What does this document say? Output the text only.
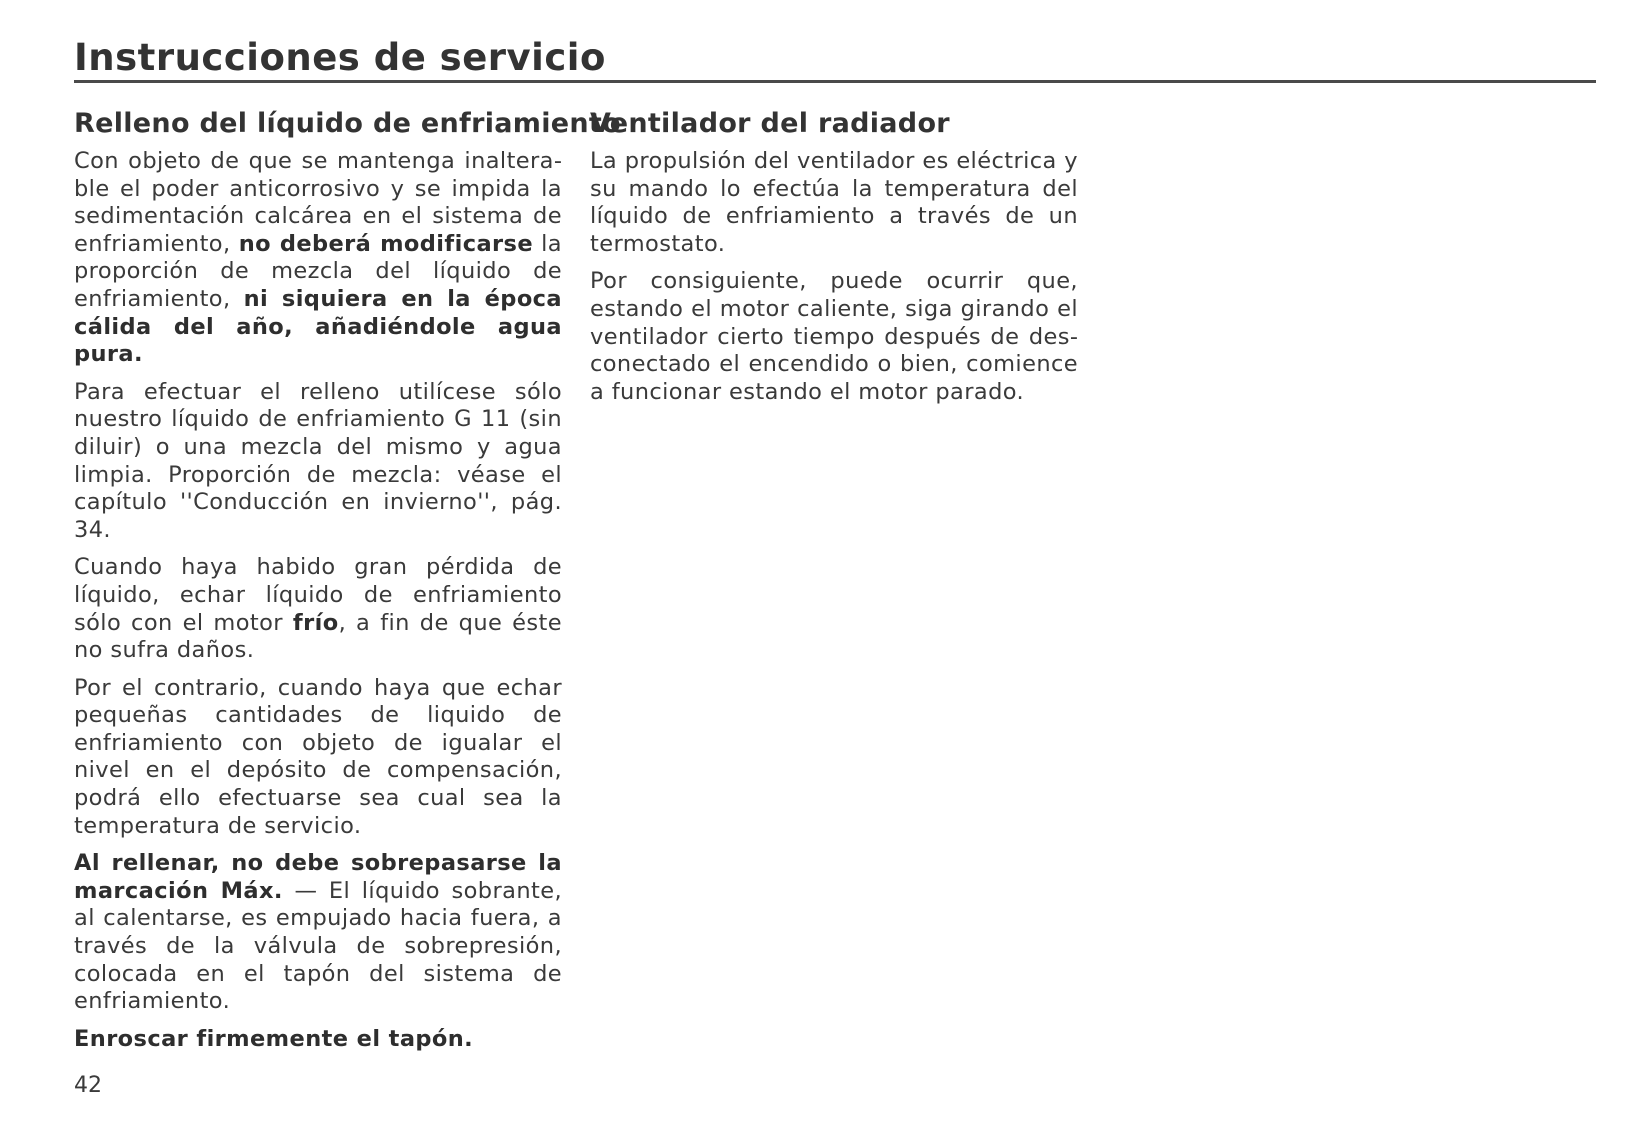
Instrucciones de servicio
Relleno del líquido de enfriamiento

Con objeto de que se mantenga inalterable el poder anticorrosivo y se impida la sedimentación calcárea en el sistema de enfriamiento, no deberá modificarse la proporción de mezcla del líquido de enfriamiento, ni siquiera en la época cálida del año, añadiéndole agua pura.

Para efectuar el relleno utilícese sólo nuestro líquido de enfriamiento G 11 (sin diluir) o una mezcla del mismo y agua limpia. Proporción de mezcla: véase el capítulo ''Conducción en invierno'', pág. 34.

Cuando haya habido gran pérdida de líquido, echar líquido de enfriamiento sólo con el motor frío, a fin de que éste no sufra daños.

Por el contrario, cuando haya que echar pequeñas cantidades de liquido de enfriamiento con objeto de igualar el nivel en el depósito de compensación, podrá ello efectuarse sea cual sea la temperatura de servicio.

Al rellenar, no debe sobrepasarse la marcación Máx. — El líquido sobrante, al calentarse, es empujado hacia fuera, a través de la válvula de sobrepresión, colocada en el tapón del sistema de enfriamiento.

Enroscar firmemente el tapón.

Ventilador del radiador

La propulsión del ventilador es eléctrica y su mando lo efectúa la temperatura del líquido de enfriamiento a través de un termostato.

Por consiguiente, puede ocurrir que, estando el motor caliente, siga girando el ventilador cierto tiempo después de desconectado el encendido o bien, comience a funcionar estando el motor parado.

42
